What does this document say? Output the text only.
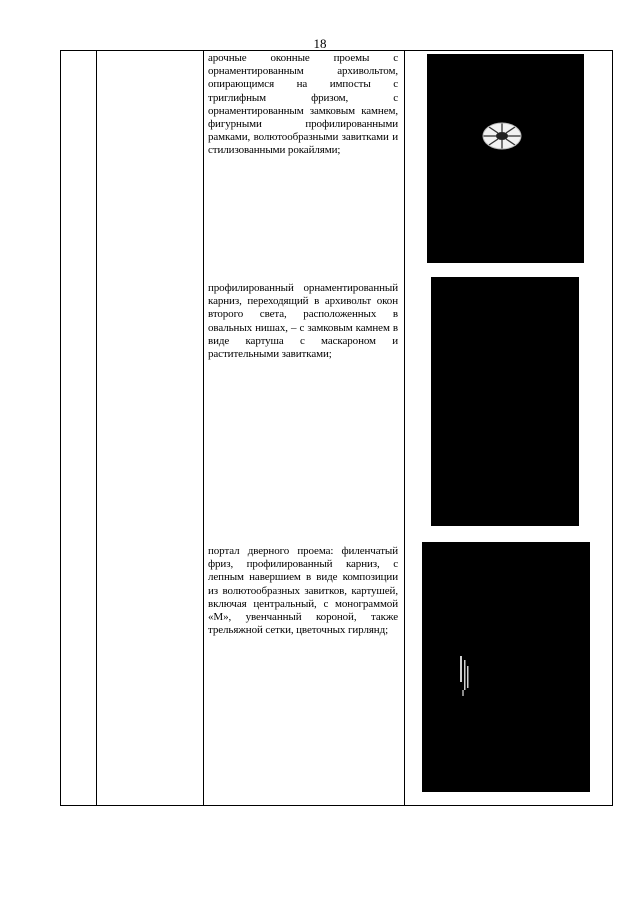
18
арочные оконные проемы с орнаментированным архивольтом, опирающимся на импосты с триглифным фризом, с орнаментированным замковым камнем, фигурными профилированными рамками, волютообразными завитками и стилизованными рокайлями;
профилированный орнаментированный карниз, переходящий в архивольт окон второго света, расположенных в овальных нишах, – с замковым камнем в виде картуша с маскароном и растительными завитками;
портал дверного проема: филенчатый фриз, профилированный карниз, с лепным навершием в виде композиции из волютообразных завитков, картушей, включая центральный, с монограммой «М», увенчанный короной, также трельяжной сетки, цветочных гирлянд;
